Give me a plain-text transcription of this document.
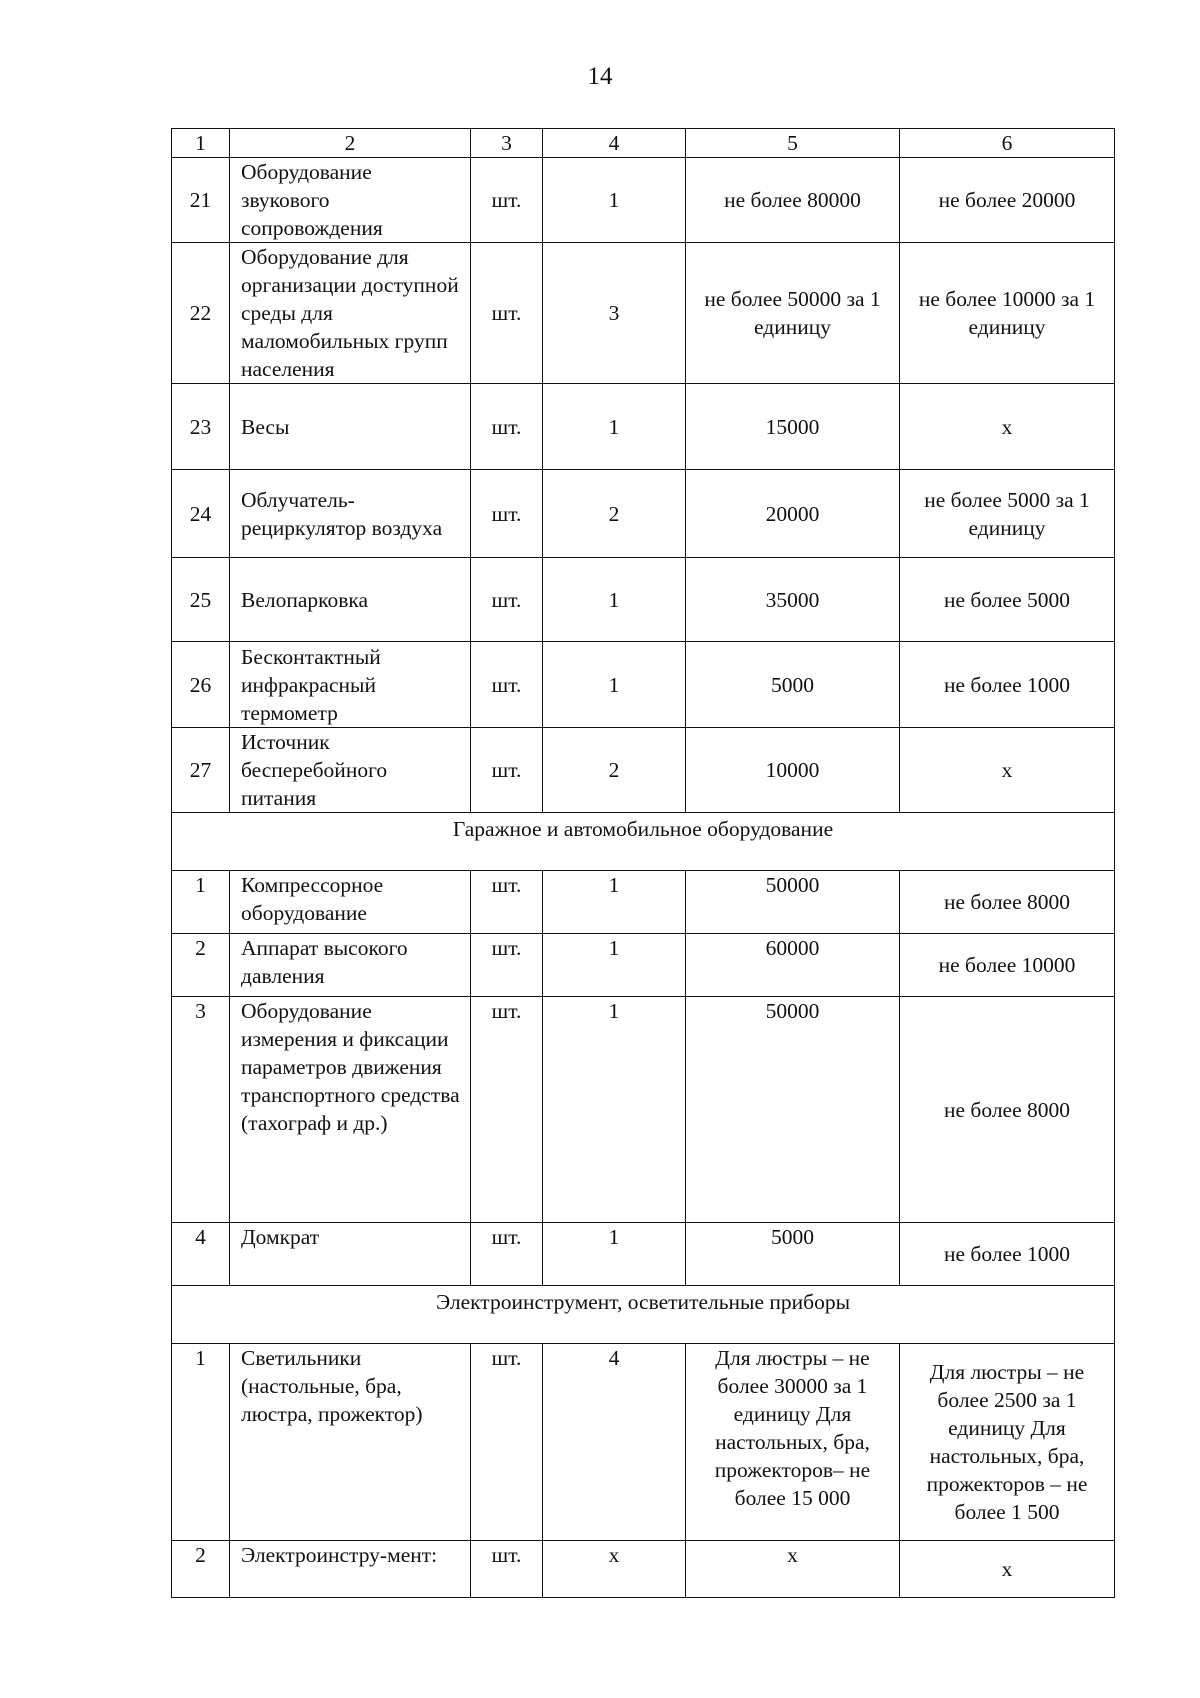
14
1	2	3	4	5	6
21	Оборудование звукового сопровождения	шт.	1	не более 80000	не более 20000
22	Оборудование для организации доступной среды для маломобильных групп населения	шт.	3	не более 50000 за 1 единицу	не более 10000 за 1 единицу
23	Весы	шт.	1	15000	х
24	Облучатель-рециркулятор воздуха	шт.	2	20000	не более 5000 за 1 единицу
25	Велопарковка	шт.	1	35000	не более 5000
26	Бесконтактный инфракрасный термометр	шт.	1	5000	не более 1000
27	Источник бесперебойного питания	шт.	2	10000	х
Гаражное и автомобильное оборудование					
1	Компрессорное оборудование	шт.	1	50000	не более 8000
2	Аппарат высокого давления	шт.	1	60000	не более 10000
3	Оборудование измерения и фиксации параметров движения транспортного средства (тахограф и др.)	шт.	1	50000	не более 8000
4	Домкрат	шт.	1	5000	не более 1000
Электроинструмент, осветительные приборы					
1	Светильники (настольные, бра, люстра, прожектор)	шт.	4	Для люстры – не более 30000 за 1 единицу Для настольных, бра, прожекторов– не более 15 000	Для люстры – не более 2500 за 1 единицу Для настольных, бра, прожекторов – не более 1 500
2	Электроинстру-мент:	шт.	х	х	х
